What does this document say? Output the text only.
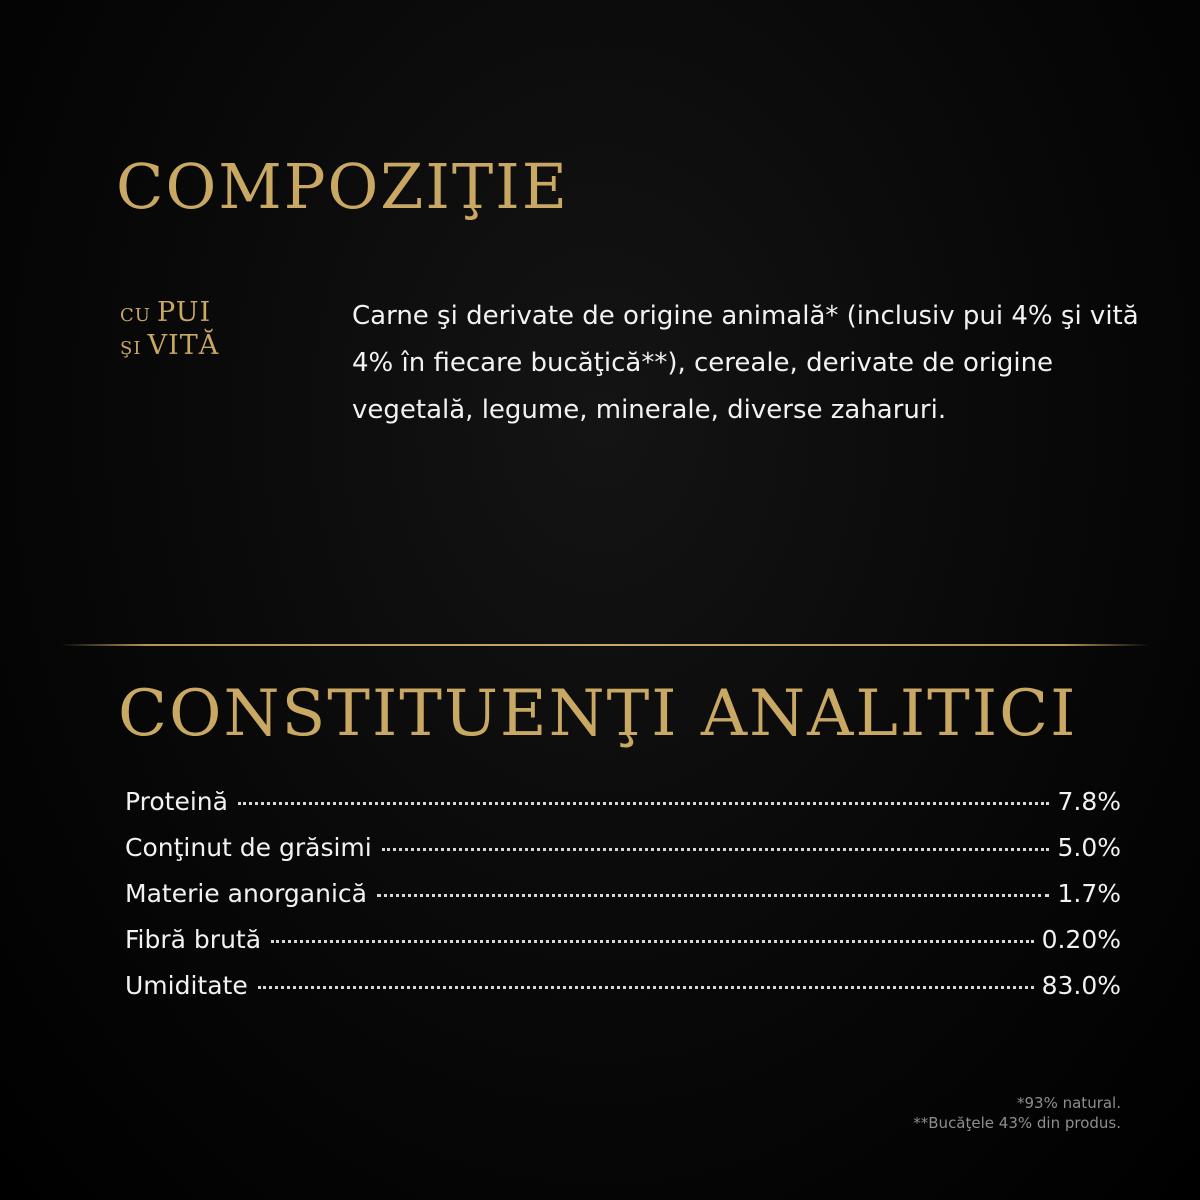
COMPOZIŢIE
CU PUI
ŞI VITĂ

Carne şi derivate de origine animală* (inclusiv pui 4% şi vită 4% în fiecare bucăţică**), cereale, derivate de origine vegetală, legume, minerale, diverse zaharuri.

CONSTITUENŢI ANALITICI
Proteină	7.8%
Conţinut de grăsimi	5.0%
Materie anorganică	1.7%
Fibră brută	0.20%
Umiditate	83.0%
*93% natural.
**Bucăţele 43% din produs.
